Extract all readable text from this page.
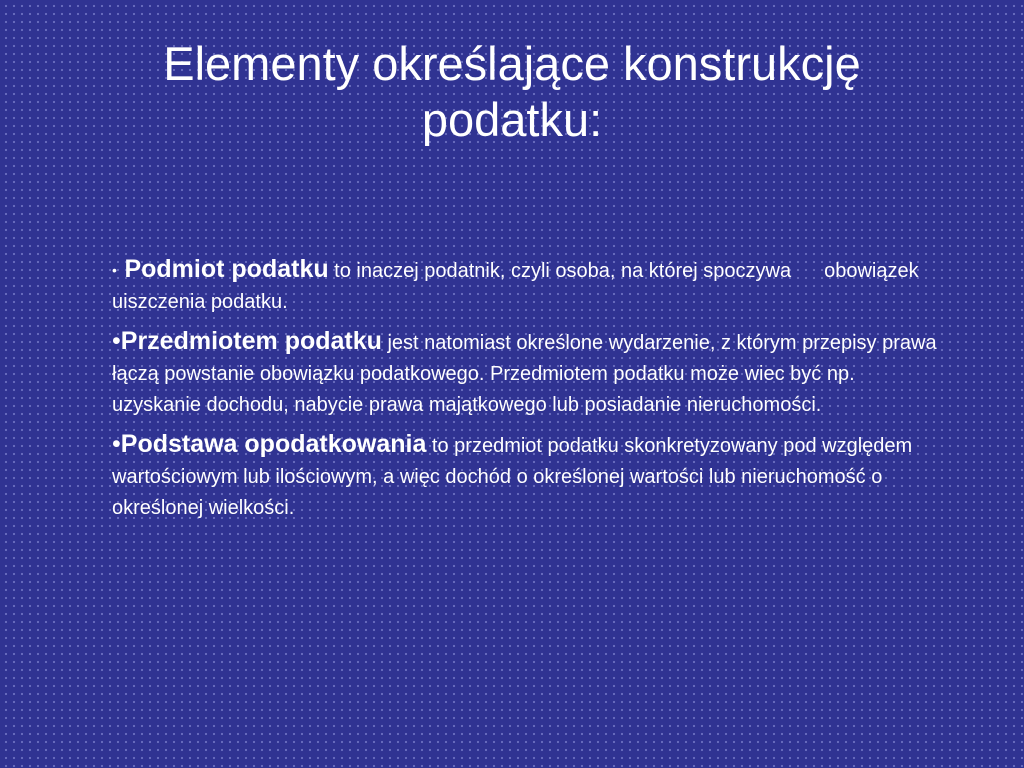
Elementy określające konstrukcję
podatku:

• Podmiot podatku to inaczej podatnik, czyli osoba, na której spoczywa obowiązek uiszczenia podatku.

•Przedmiotem podatku jest natomiast określone wydarzenie, z którym przepisy prawa łączą powstanie obowiązku podatkowego. Przedmiotem podatku może wiec być np. uzyskanie dochodu, nabycie prawa majątkowego lub posiadanie nieruchomości.

•Podstawa opodatkowania to przedmiot podatku skonkretyzowany pod względem wartościowym lub ilościowym, a więc dochód o określonej wartości lub nieruchomość o określonej wielkości.
